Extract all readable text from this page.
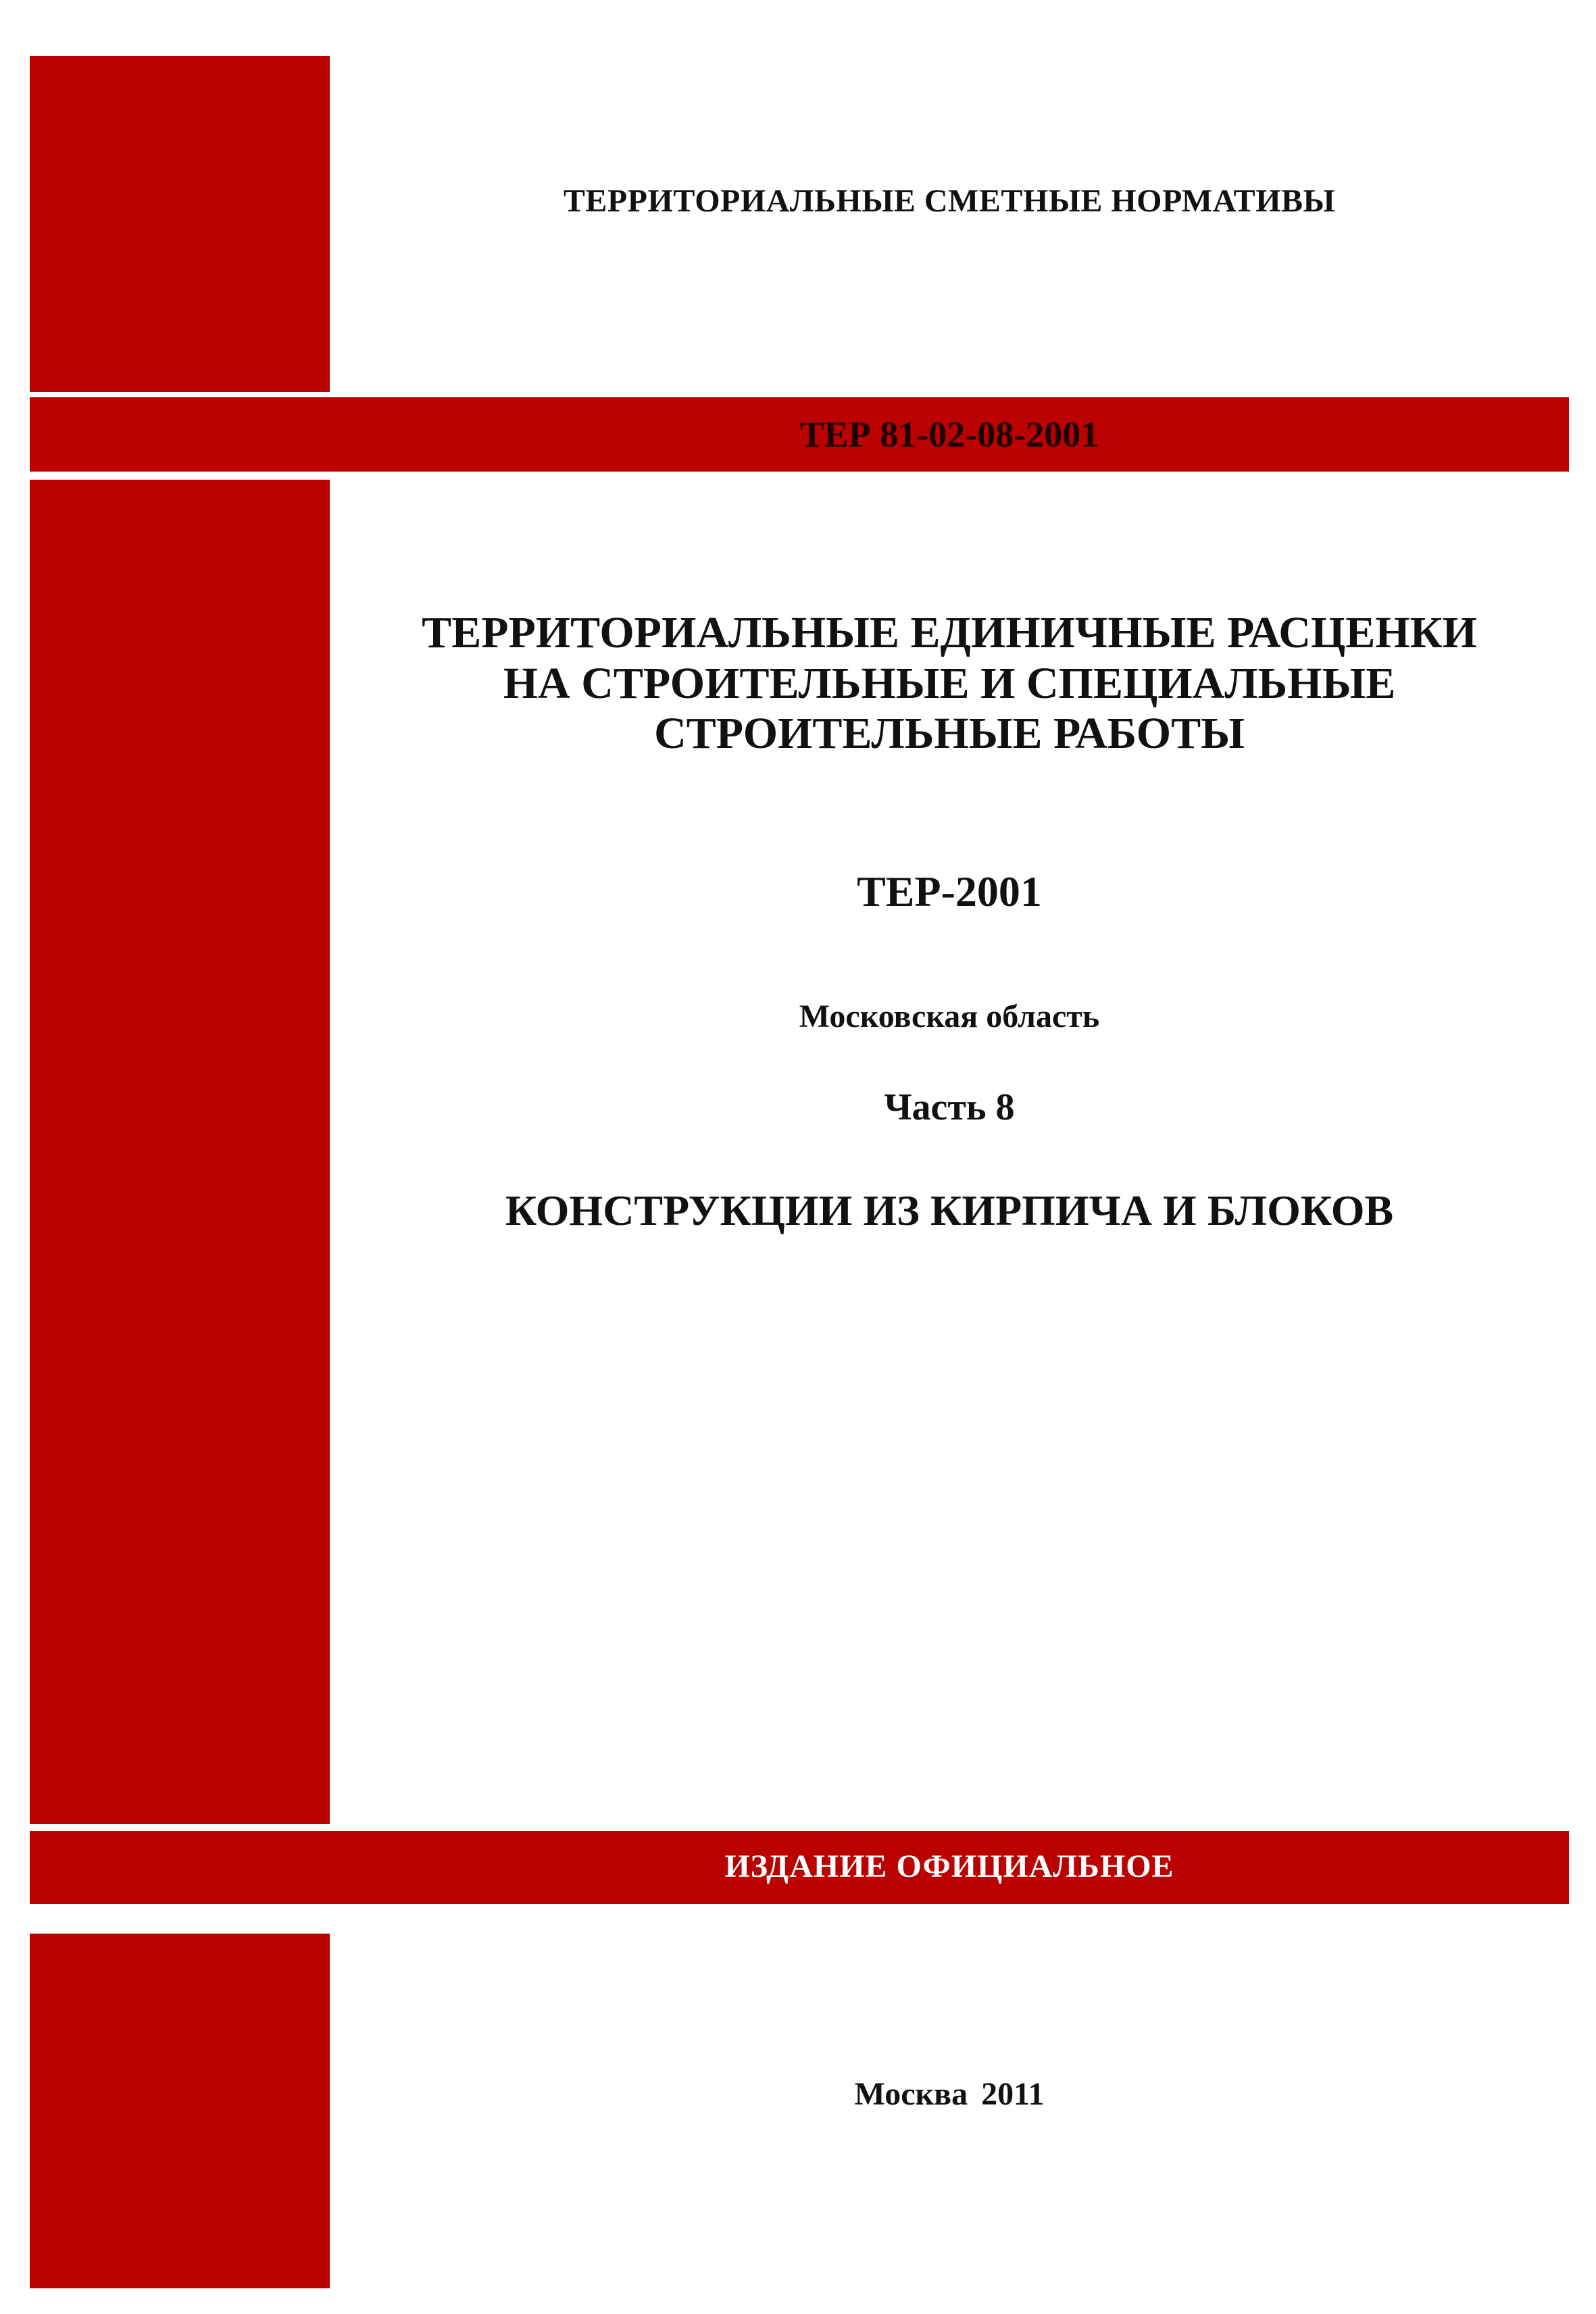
ТЕРРИТОРИАЛЬНЫЕ СМЕТНЫЕ НОРМАТИВЫ
ТЕР 81-02-08-2001
ТЕРРИТОРИАЛЬНЫЕ ЕДИНИЧНЫЕ РАСЦЕНКИ
НА СТРОИТЕЛЬНЫЕ И СПЕЦИАЛЬНЫЕ
СТРОИТЕЛЬНЫЕ РАБОТЫ
ТЕР-2001
Московская область
Часть 8
КОНСТРУКЦИИ ИЗ КИРПИЧА И БЛОКОВ
ИЗДАНИЕ ОФИЦИАЛЬНОЕ
Москва 2011
